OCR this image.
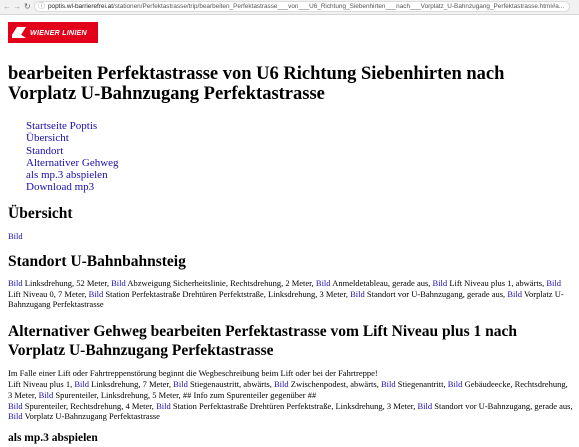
← → ↻ ⓘ poptis.wl-barrierefrei.at/stationen/Perfektastrasse/trip/bearbeiten_Perfektastrasse___von___U6_Richtung_Siebenhirten___nach___Vorplatz_U-Bahnzugang_Perfektastrasse.html#a...
WIENER LINIEN
bearbeiten Perfektastrasse von U6 Richtung Siebenhirten nach Vorplatz U-Bahnzugang Perfektastrasse
Startseite Poptis
Übersicht
Standort
Alternativer Gehweg
als mp.3 abspielen
Download mp3
Übersicht
Bild
Standort U-Bahnbahnsteig

Bild Linksdrehung, 52 Meter, Bild Abzweigung Sicherheitslinie, Rechtsdrehung, 2 Meter, Bild Anmeldetableau, gerade aus, Bild Lift Niveau plus 1, abwärts, Bild Lift Niveau 0, 7 Meter, Bild Station Perfektastraße Drehtüren Perfektstraße, Linksdrehung, 3 Meter, Bild Standort vor U-Bahnzugang, gerade aus, Bild Vorplatz U-Bahnzugang Perfektastrasse

Alternativer Gehweg bearbeiten Perfektastrasse vom Lift Niveau plus 1 nach Vorplatz U-Bahnzugang Perfektastrasse

Im Falle einer Lift oder Fahrtreppenstörung beginnt die Wegbeschreibung beim Lift oder bei der Fahrtreppe!
Lift Niveau plus 1, Bild Linksdrehung, 7 Meter, Bild Stiegenaustritt, abwärts, Bild Zwischenpodest, abwärts, Bild Stiegenantritt, Bild Gebäudeecke, Rechtsdrehung, 3 Meter, Bild Spurenteiler, Linksdrehung, 5 Meter, ## Info zum Spurenteiler gegenüber ##
Bild Spurenteiler, Rechtsdrehung, 4 Meter, Bild Station Perfektastraße Drehtüren Perfektstraße, Linksdrehung, 3 Meter, Bild Standort vor U-Bahnzugang, gerade aus, Bild Vorplatz U-Bahnzugang Perfektastrasse

als mp.3 abspielen
